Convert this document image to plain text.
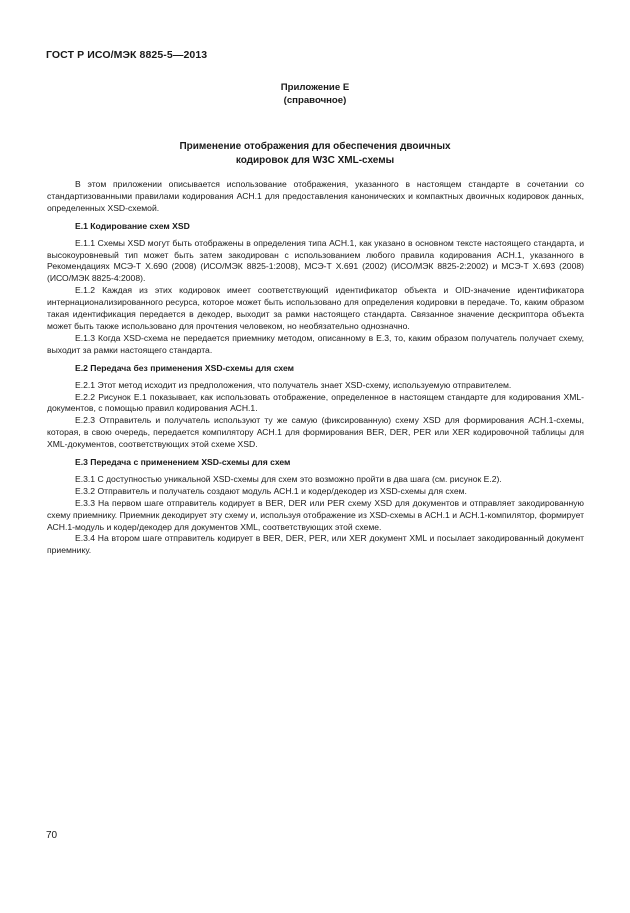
ГОСТ Р ИСО/МЭК 8825-5—2013
Приложение Е
(справочное)
Применение отображения для обеспечения двоичных
кодировок для W3C XML-схемы

В этом приложении описывается использование отображения, указанного в настоящем стандарте в сочетании со стандартизованными правилами кодирования АСН.1 для предоставления канонических и компактных двоичных кодировок данных, определенных XSD-схемой.

Е.1 Кодирование схем XSD

Е.1.1 Схемы XSD могут быть отображены в определения типа АСН.1, как указано в основном тексте настоящего стандарта, и высокоуровневый тип может быть затем закодирован с использованием любого правила кодирования АСН.1, указанного в Рекомендациях МСЭ-Т X.690 (2008) (ИСО/МЭК 8825-1:2008), МСЭ-Т X.691 (2002) (ИСО/МЭК 8825-2:2002) и МСЭ-Т X.693 (2008) (ИСО/МЭК 8825-4:2008).

Е.1.2 Каждая из этих кодировок имеет соответствующий идентификатор объекта и OID-значение идентификатора интернационализированного ресурса, которое может быть использовано для определения кодировки в передаче. То, каким образом такая идентификация передается в декодер, выходит за рамки настоящего стандарта. Связанное значение дескриптора объекта может быть также использовано для прочтения человеком, но необязательно однозначно.

Е.1.3 Когда XSD-схема не передается приемнику методом, описанному в Е.3, то, каким образом получатель получает схему, выходит за рамки настоящего стандарта.

Е.2 Передача без применения XSD-схемы для схем

Е.2.1 Этот метод исходит из предположения, что получатель знает XSD-схему, используемую отправителем.

Е.2.2 Рисунок Е.1 показывает, как использовать отображение, определенное в настоящем стандарте для кодирования XML-документов, с помощью правил кодирования АСН.1.

Е.2.3 Отправитель и получатель используют ту же самую (фиксированную) схему XSD для формирования АСН.1-схемы, которая, в свою очередь, передается компилятору АСН.1 для формирования BER, DER, PER или XER кодировочной таблицы для XML-документов, соответствующих этой схеме XSD.

Е.3 Передача с применением XSD-схемы для схем

Е.3.1 С доступностью уникальной XSD-схемы для схем это возможно пройти в два шага (см. рисунок Е.2).

Е.3.2 Отправитель и получатель создают модуль АСН.1 и кодер/декодер из XSD-схемы для схем.

Е.3.3 На первом шаге отправитель кодирует в BER, DER или PER схему XSD для документов и отправляет закодированную схему приемнику. Приемник декодирует эту схему и, используя отображение из XSD-схемы в АСН.1 и АСН.1-компилятор, формирует АСН.1-модуль и кодер/декодер для документов XML, соответствующих этой схеме.

Е.3.4 На втором шаге отправитель кодирует в BER, DER, PER, или XER документ XML и посылает закодированный документ приемнику.

70
